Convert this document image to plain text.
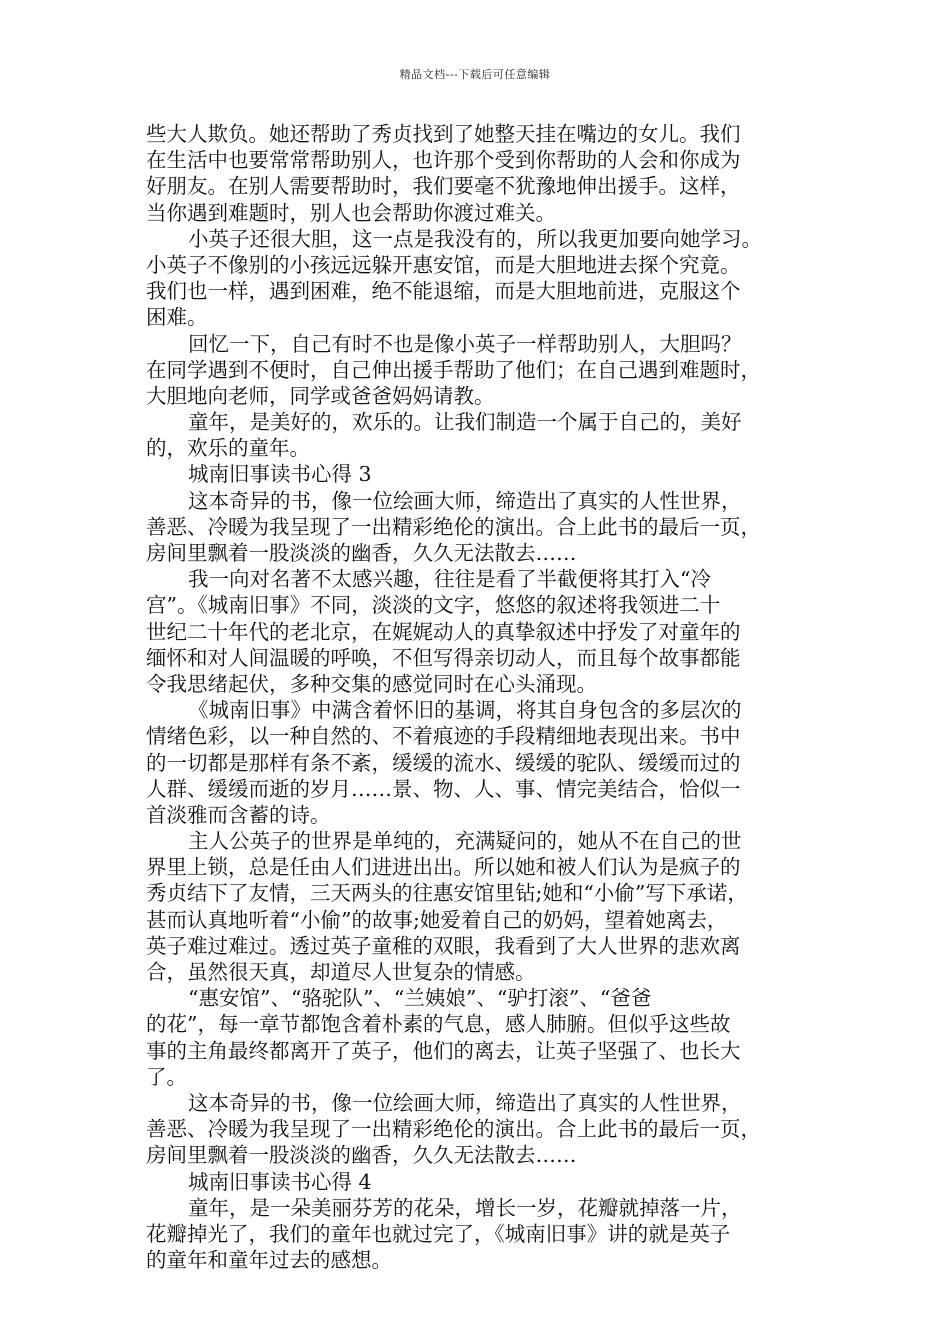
精品文档---下载后可任意编辑
些大人欺负。她还帮助了秀贞找到了她整天挂在嘴边的女儿。我们
在生活中也要常常帮助别人，也许那个受到你帮助的人会和你成为
好朋友。在别人需要帮助时，我们要毫不犹豫地伸出援手。这样，
当你遇到难题时，别人也会帮助你渡过难关。
小英子还很大胆，这一点是我没有的，所以我更加要向她学习。
小英子不像别的小孩远远躲开惠安馆，而是大胆地进去探个究竟。
我们也一样，遇到困难，绝不能退缩，而是大胆地前进，克服这个
困难。
回忆一下，自己有时不也是像小英子一样帮助别人，大胆吗？
在同学遇到不便时，自己伸出援手帮助了他们；在自己遇到难题时，
大胆地向老师，同学或爸爸妈妈请教。
童年，是美好的，欢乐的。让我们制造一个属于自己的，美好
的，欢乐的童年。
城南旧事读书心得 3
这本奇异的书，像一位绘画大师，缔造出了真实的人性世界，
善恶、冷暖为我呈现了一出精彩绝伦的演出。合上此书的最后一页，
房间里飘着一股淡淡的幽香，久久无法散去……
我一向对名著不太感兴趣，往往是看了半截便将其打入“冷
宫”。《城南旧事》不同，淡淡的文字，悠悠的叙述将我领进二十
世纪二十年代的老北京，在娓娓动人的真挚叙述中抒发了对童年的
缅怀和对人间温暖的呼唤，不但写得亲切动人，而且每个故事都能
令我思绪起伏，多种交集的感觉同时在心头涌现。
《城南旧事》中满含着怀旧的基调，将其自身包含的多层次的
情绪色彩，以一种自然的、不着痕迹的手段精细地表现出来。书中
的一切都是那样有条不紊，缓缓的流水、缓缓的驼队、缓缓而过的
人群、缓缓而逝的岁月……景、物、人、事、情完美结合，恰似一
首淡雅而含蓄的诗。
主人公英子的世界是单纯的，充满疑问的，她从不在自己的世
界里上锁，总是任由人们进进出出。所以她和被人们认为是疯子的
秀贞结下了友情，三天两头的往惠安馆里钻;她和“小偷”写下承诺，
甚而认真地听着“小偷”的故事;她爱着自己的奶妈，望着她离去，
英子难过难过。透过英子童稚的双眼，我看到了大人世界的悲欢离
合，虽然很天真，却道尽人世复杂的情感。
“惠安馆”、“骆驼队”、“兰姨娘”、“驴打滚”、“爸爸
的花”，每一章节都饱含着朴素的气息，感人肺腑。但似乎这些故
事的主角最终都离开了英子，他们的离去，让英子坚强了、也长大
了。
这本奇异的书，像一位绘画大师，缔造出了真实的人性世界，
善恶、冷暖为我呈现了一出精彩绝伦的演出。合上此书的最后一页，
房间里飘着一股淡淡的幽香，久久无法散去……
城南旧事读书心得 4
童年，是一朵美丽芬芳的花朵，增长一岁，花瓣就掉落一片，
花瓣掉光了，我们的童年也就过完了，《城南旧事》讲的就是英子
的童年和童年过去的感想。
